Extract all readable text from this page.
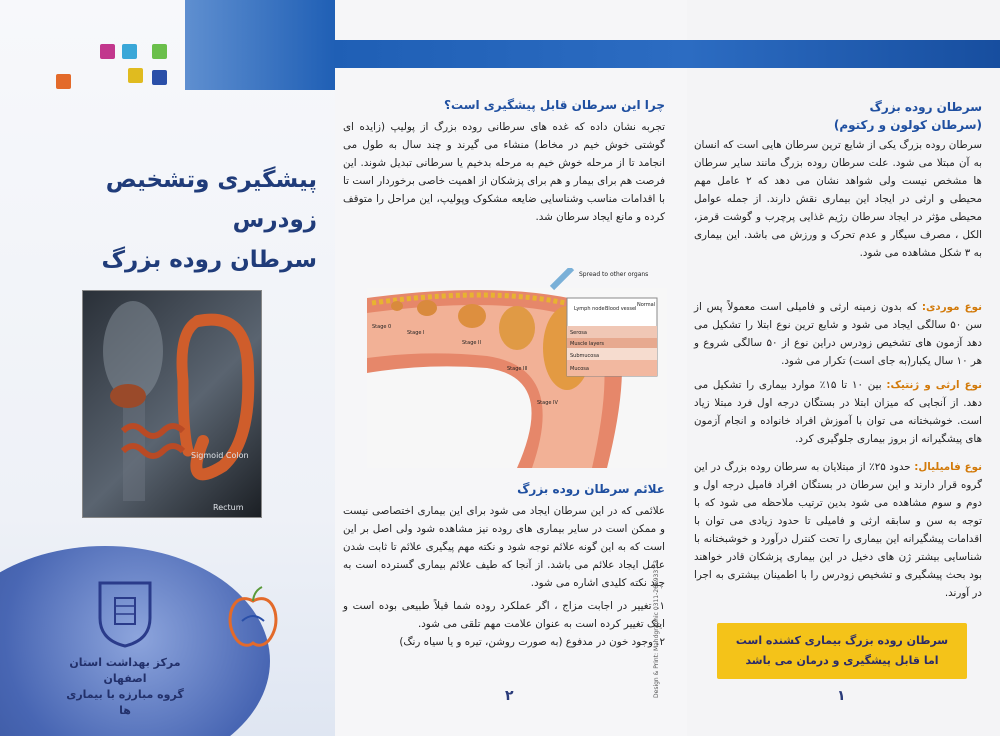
پیشگیری وتشخیص زودرس
سرطان روده بزرگ
Sigmoid Colon
Rectum
مرکز بهداشت استان اصفهان
گروه مبارزه با بیماری ها
چرا این سرطان قابل پیشگیری است؟
تجربه نشان داده که غده های سرطانی روده بزرگ از پولیپ (زایده ای گوشتی خوش خیم در مخاط) منشاء می گیرند و چند سال به طول می انجامد تا از مرحله خوش خیم به مرحله بدخیم یا سرطانی تبدیل شوند. این فرصت هم برای بیمار و هم برای پزشکان از اهمیت خاصی برخوردار است تا با اقدامات مناسب وشناسایی ضایعه مشکوک وپولیپ، این مراحل را متوقف کرده و مانع ایجاد سرطان شد.
Spread to other organs
Normal
Lymph node Blood vessel
Serosa
Muscle layers
Submucosa
Mucosa
Stage 0
Stage I
Stage II
Stage III
Stage IV
علائم سرطان روده بزرگ
علائمی که در این سرطان ایجاد می شود برای این بیماری اختصاصی نیست و ممکن است در سایر بیماری های روده نیز مشاهده شود ولی اصل بر این است که به این گونه علائم توجه شود و نکته مهم پیگیری علائم تا ثابت شدن عامل ایجاد علائم می باشد. از آنجا که طیف علائم بیماری گسترده است به چند نکته کلیدی اشاره می شود.
۱. تغییر در اجابت مزاج ، اگر عملکرد روده شما قبلاً طبیعی بوده است و اینک تغییر کرده است به عنوان علامت مهم تلقی می شود.
۲. وجود خون در مدفوع (به صورت روشن، تیره و یا سیاه رنگ)
Design & Print: Mahdgraphic 0311-2669331-3
۲
سرطان روده بزرگ
(سرطان کولون و رکتوم)
سرطان روده بزرگ یکی از شایع ترین سرطان هایی است که انسان به آن مبتلا می شود. علت سرطان روده بزرگ مانند سایر سرطان ها مشخص نیست ولی شواهد نشان می دهد که ۲ عامل مهم محیطی و ارثی در ایجاد این بیماری نقش دارند. از جمله عوامل محیطی مؤثر در ایجاد سرطان رژیم غذایی پرچرب و گوشت قرمز، الکل ، مصرف سیگار و عدم تحرک و ورزش می باشد. این بیماری به ۳ شکل مشاهده می شود.
نوع موردی: که بدون زمینه ارثی و فامیلی است معمولاً پس از سن ۵۰ سالگی ایجاد می شود و شایع ترین نوع ابتلا را تشکیل می دهد آزمون های تشخیص زودرس دراین نوع از ۵۰ سالگی شروع و هر ۱۰ سال یکبار(به جای است) تکرار می شود.
نوع ارثی و ژنتیک: بین ۱۰ تا ۱۵٪ موارد بیماری را تشکیل می دهد. از آنجایی که میزان ابتلا در بستگان درجه اول فرد مبتلا زیاد است. خوشبختانه می توان با آموزش افراد خانواده و انجام آزمون های پیشگیرانه از بروز بیماری جلوگیری کرد.
نوع فامیلیال: حدود ۲۵٪ از مبتلایان به سرطان روده بزرگ در این گروه قرار دارند و این سرطان در بستگان افراد فامیل درجه اول و دوم و سوم مشاهده می شود بدین ترتیب ملاحظه می شود که با توجه به سن و سابقه ارثی و فامیلی تا حدود زیادی می توان با اقدامات پیشگیرانه این بیماری را تحت کنترل درآورد و خوشبختانه با شناسایی بیشتر ژن های دخیل در این بیماری پزشکان قادر خواهند بود بحث پیشگیری و تشخیص زودرس را با اطمینان بیشتری به اجرا در آورند.
سرطان روده بزرگ بیماری کشنده است
اما قابل پیشگیری و درمان می باشد
۱
